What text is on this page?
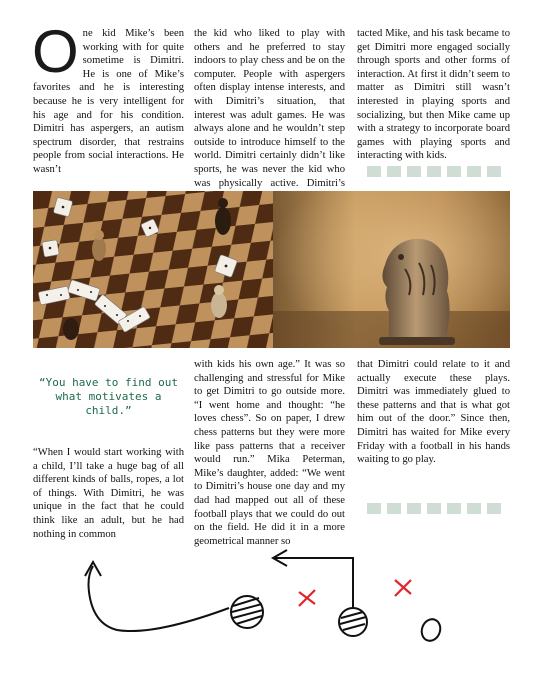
One kid Mike’s been working with for quite sometime is Dimitri. He is one of Mike’s favorites and he is interesting because he is very intelligent for his age and for his condition. Dimitri has aspergers, an autism spectrum disorder, that restrains people from social interactions. He wasn’t

the kid who liked to play with others and he preferred to stay indoors to play chess and be on the computer. People with aspergers often display intense interests, and with Dimitri’s situation, that interest was adult games. He was always alone and he wouldn’t step outside to introduce himself to the world. Dimitri certainly didn’t like sports, he was never the kid who was physically active. Dimitri’s

tacted Mike, and his task became to get Dimitri more engaged socially through sports and other forms of interaction. At first it didn’t seem to matter as Dimitri still wasn’t interested in playing sports and socializing, but then Mike came up with a strategy to incorporate board games with playing sports and interacting with kids.

“You have to find out what motivates a child.”

“When I would start working with a child, I’ll take a huge bag of all different kinds of balls, ropes, a lot of things. With Dimitri, he was unique in the fact that he could think like an adult, but he had nothing in common

with kids his own age.” It was so challenging and stressful for Mike to get Dimitri to go outside more. “I went home and thought: “he loves chess”. So on paper, I drew chess patterns but they were more like pass patterns that a receiver would run.” Mika Peterman, Mike’s daughter, added: “We went to Dimitri’s house one day and my dad had mapped out all of these football plays that we could do out on the field. He did it in a more geometrical manner so

that Dimitri could relate to it and actually execute these plays. Dimitri was immediately glued to these patterns and that is what got him out of the door.” Since then, Dimitri has waited for Mike every Friday with a football in his hands waiting to go play.
